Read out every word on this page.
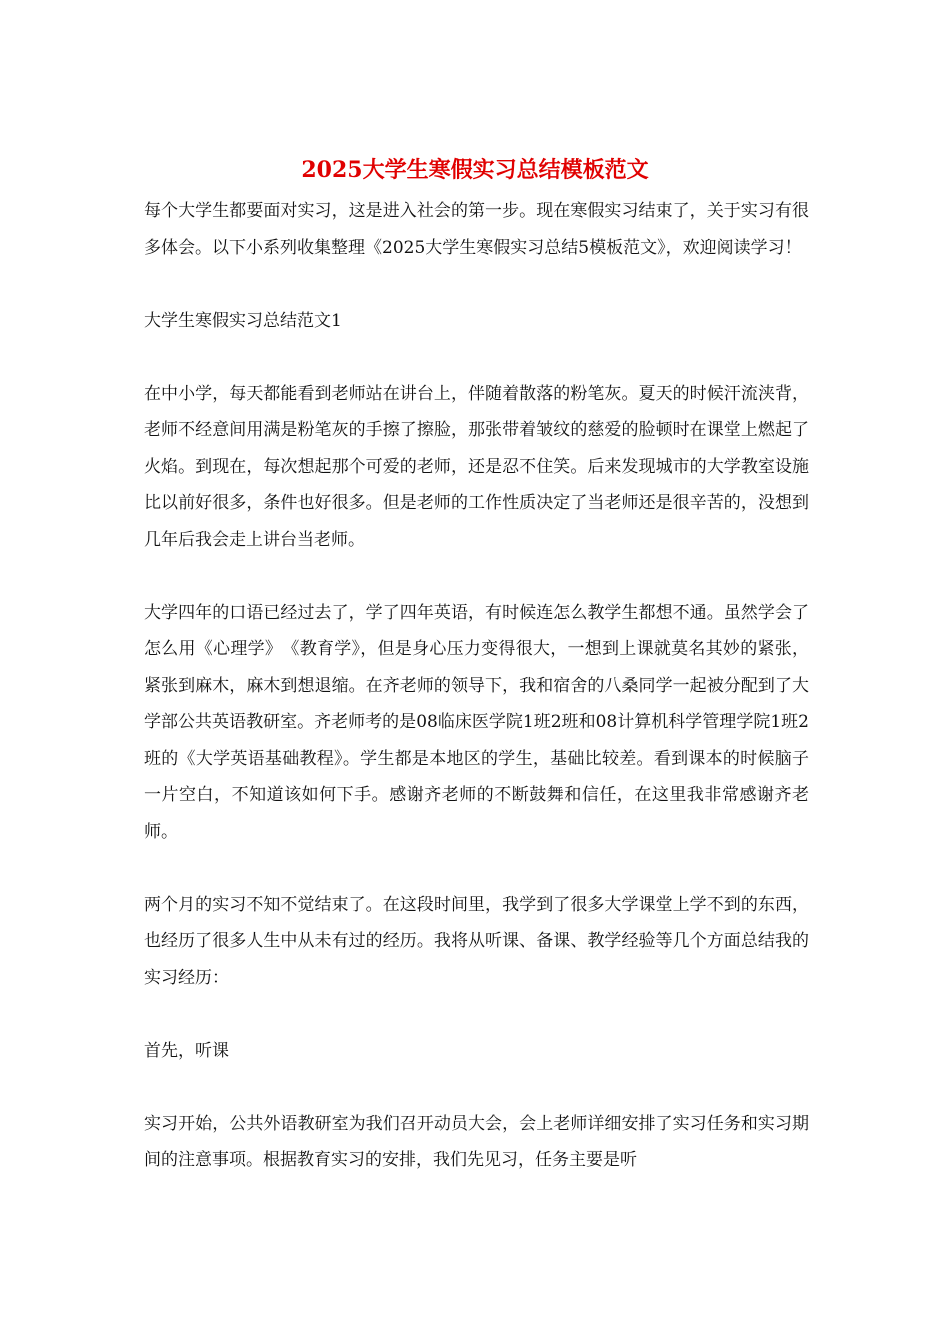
2025大学生寒假实习总结模板范文

每个大学生都要面对实习，这是进入社会的第一步。现在寒假实习结束了，关于实习有很多体会。以下小系列收集整理《2025大学生寒假实习总结5模板范文》，欢迎阅读学习！

大学生寒假实习总结范文1

在中小学，每天都能看到老师站在讲台上，伴随着散落的粉笔灰。夏天的时候汗流浃背，老师不经意间用满是粉笔灰的手擦了擦脸，那张带着皱纹的慈爱的脸顿时在课堂上燃起了火焰。到现在，每次想起那个可爱的老师，还是忍不住笑。后来发现城市的大学教室设施比以前好很多，条件也好很多。但是老师的工作性质决定了当老师还是很辛苦的，没想到几年后我会走上讲台当老师。

大学四年的口语已经过去了，学了四年英语，有时候连怎么教学生都想不通。虽然学会了怎么用《心理学》　《教育学》，但是身心压力变得很大，一想到上课就莫名其妙的紧张，紧张到麻木，麻木到想退缩。在齐老师的领导下，我和宿舍的八桑同学一起被分配到了大学部公共英语教研室。齐老师考的是08临床医学院1班2班和08计算机科学管理学院1班2班的《大学英语基础教程》。学生都是本地区的学生，基础比较差。看到课本的时候脑子一片空白，不知道该如何下手。感谢齐老师的不断鼓舞和信任，在这里我非常感谢齐老师。

两个月的实习不知不觉结束了。在这段时间里，我学到了很多大学课堂上学不到的东西，也经历了很多人生中从未有过的经历。我将从听课、备课、教学经验等几个方面总结我的实习经历：

首先，听课

实习开始，公共外语教研室为我们召开动员大会，会上老师详细安排了实习任务和实习期间的注意事项。根据教育实习的安排，我们先见习，任务主要是听
